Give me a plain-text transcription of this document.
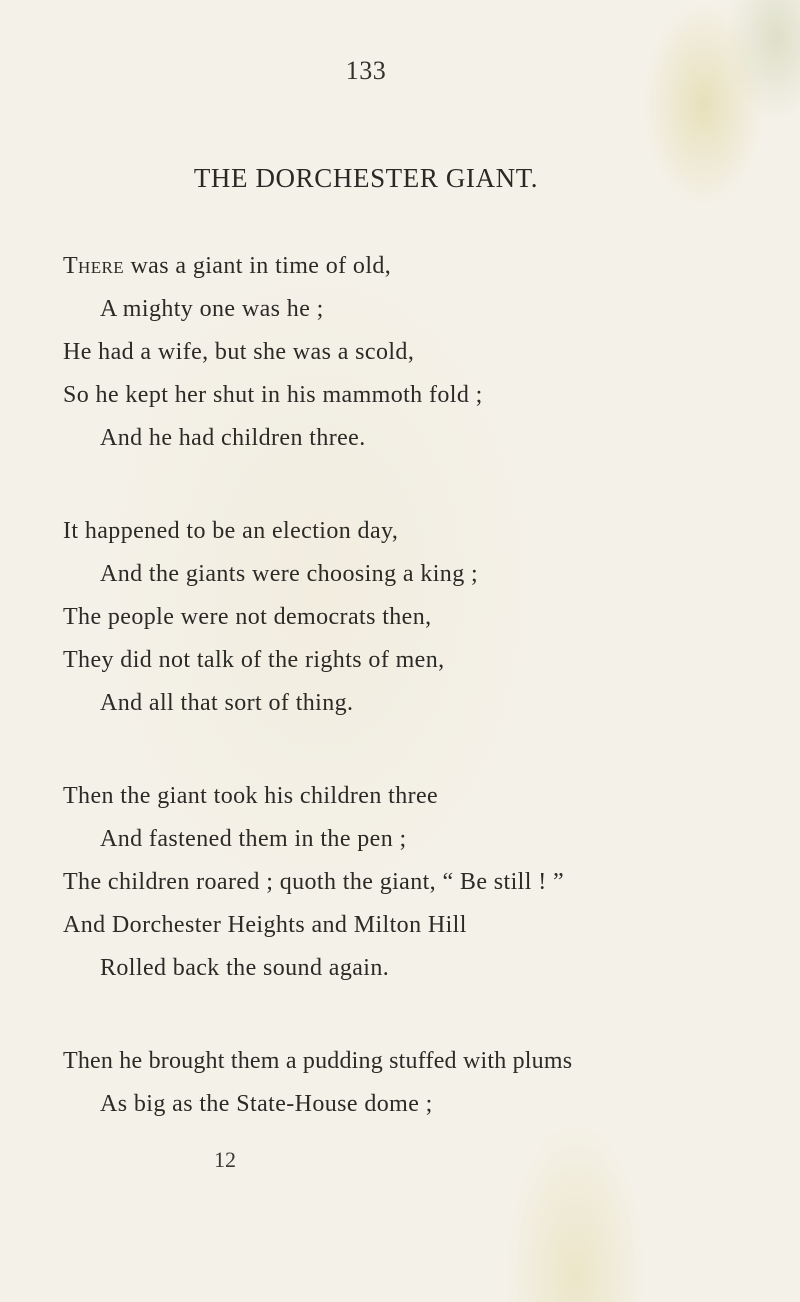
133
THE DORCHESTER GIANT.
There was a giant in time of old,
A mighty one was he ;
He had a wife, but she was a scold,
So he kept her shut in his mammoth fold ;
And he had children three.
It happened to be an election day,
And the giants were choosing a king ;
The people were not democrats then,
They did not talk of the rights of men,
And all that sort of thing.
Then the giant took his children three
And fastened them in the pen ;
The children roared ; quoth the giant, “ Be still ! ”
And Dorchester Heights and Milton Hill
Rolled back the sound again.
Then he brought them a pudding stuffed with plums
As big as the State-House dome ;
12
